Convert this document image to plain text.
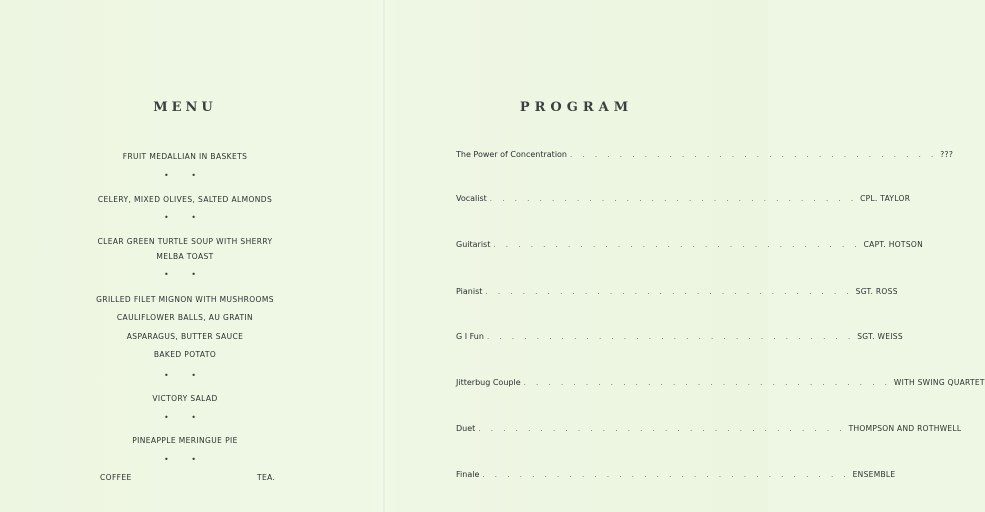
MENU
FRUIT MEDALLIAN IN BASKETS
• •
CELERY, MIXED OLIVES, SALTED ALMONDS
• •
CLEAR GREEN TURTLE SOUP WITH SHERRY
MELBA TOAST
• •
GRILLED FILET MIGNON WITH MUSHROOMS
CAULIFLOWER BALLS, AU GRATIN
ASPARAGUS, BUTTER SAUCE
BAKED POTATO
• •
VICTORY SALAD
• •
PINEAPPLE MERINGUE PIE
• •
COFFEE	TEA.
PROGRAM
The Power of Concentration . . . . . . . . . . . . . . . . . . . . . . . . . . . . . . ???
Vocalist . . . . . . . . . . . . . . . . . . . . . . . . . . . . . . CPL. TAYLOR
Guitarist . . . . . . . . . . . . . . . . . . . . . . . . . . . . . . CAPT. HOTSON
Pianist . . . . . . . . . . . . . . . . . . . . . . . . . . . . . . SGT. ROSS
G I Fun . . . . . . . . . . . . . . . . . . . . . . . . . . . . . . SGT. WEISS
Jitterbug Couple . . . . . . . . . . . . . . . . . . . . . . . . . . . . . . WITH SWING QUARTET
Duet . . . . . . . . . . . . . . . . . . . . . . . . . . . . . . THOMPSON AND ROTHWELL
Finale . . . . . . . . . . . . . . . . . . . . . . . . . . . . . . ENSEMBLE
